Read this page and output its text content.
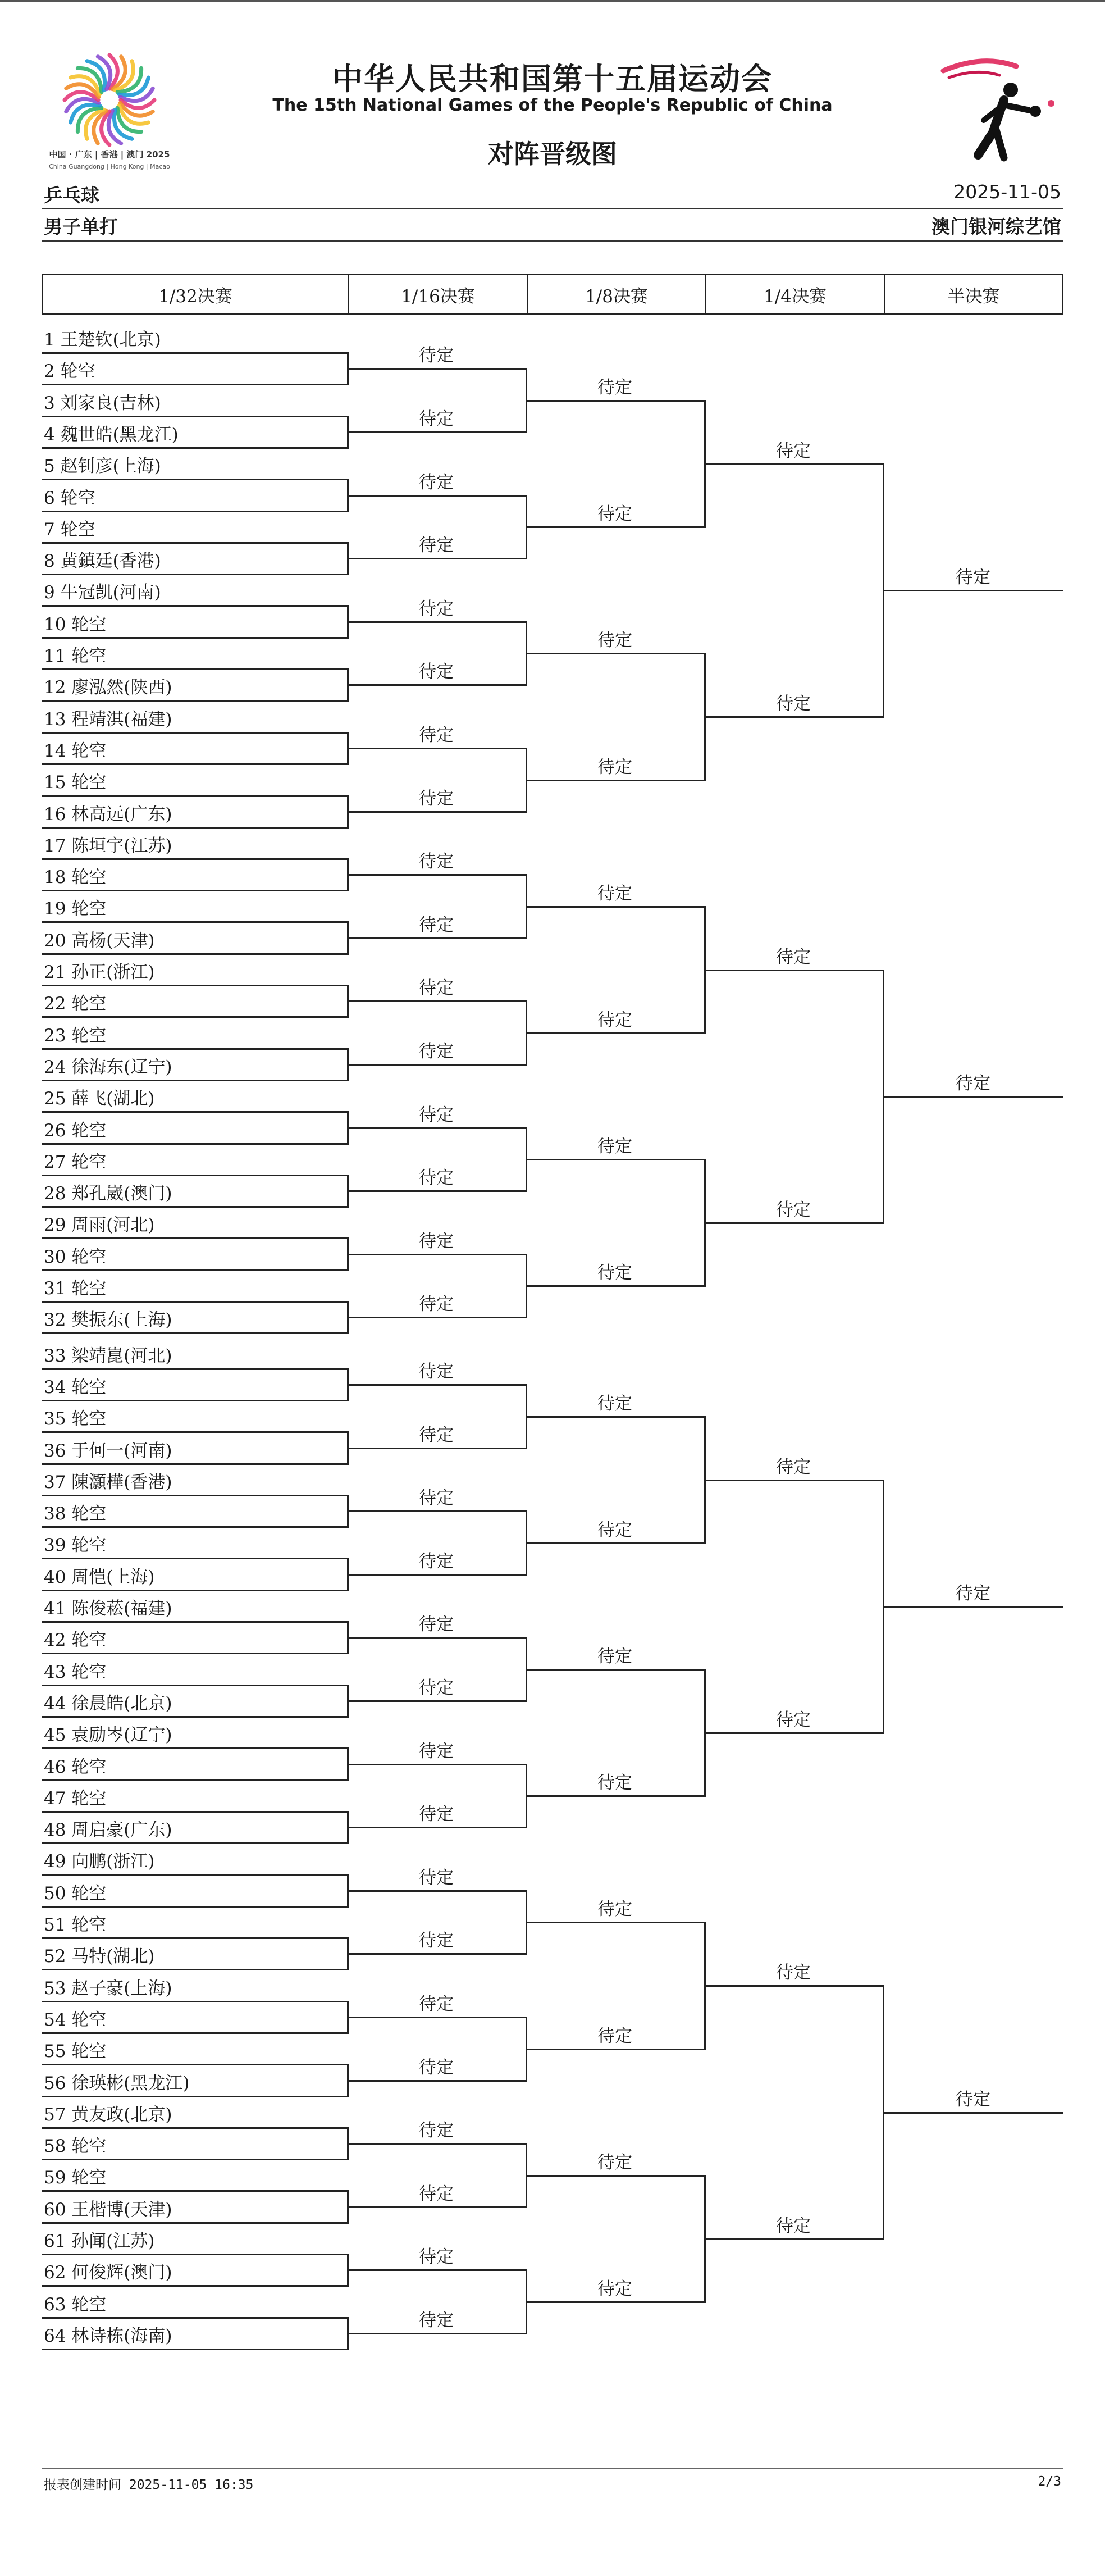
中国 · 广东 | 香港 | 澳门 2025
China Guangdong | Hong Kong | Macao
中华人民共和国第十五届运动会
The 15th National Games of the People's Republic of China
对阵晋级图
乒乓球	2025-11-05
男子单打	澳门银河综艺馆
1/32决赛	1/16决赛	1/8决赛	1/4决赛	半决赛
1 王楚钦(北京)
2 轮空
3 刘家良(吉林)
4 魏世皓(黑龙江)
5 赵钊彦(上海)
6 轮空
7 轮空
8 黄鎮廷(香港)
9 牛冠凯(河南)
10 轮空
11 轮空
12 廖泓然(陕西)
13 程靖淇(福建)
14 轮空
15 轮空
16 林高远(广东)
17 陈垣宇(江苏)
18 轮空
19 轮空
20 高杨(天津)
21 孙正(浙江)
22 轮空
23 轮空
24 徐海东(辽宁)
25 薛飞(湖北)
26 轮空
27 轮空
28 郑孔崴(澳门)
29 周雨(河北)
30 轮空
31 轮空
32 樊振东(上海)
33 梁靖崑(河北)
34 轮空
35 轮空
36 于何一(河南)
37 陳灝樺(香港)
38 轮空
39 轮空
40 周恺(上海)
41 陈俊菘(福建)
42 轮空
43 轮空
44 徐晨皓(北京)
45 袁励岑(辽宁)
46 轮空
47 轮空
48 周启豪(广东)
49 向鹏(浙江)
50 轮空
51 轮空
52 马特(湖北)
53 赵子豪(上海)
54 轮空
55 轮空
56 徐瑛彬(黑龙江)
57 黄友政(北京)
58 轮空
59 轮空
60 王楷博(天津)
61 孙闻(江苏)
62 何俊辉(澳门)
63 轮空
64 林诗栋(海南)
待定
待定
待定
待定
待定
待定
待定
待定
待定
待定
待定
待定
待定
待定
待定
待定
待定
待定
待定
待定
待定
待定
待定
待定
待定
待定
待定
待定
待定
待定
待定
待定
待定
待定
待定
待定
待定
待定
待定
待定
待定
待定
待定
待定
待定
待定
待定
待定
待定
待定
待定
待定
待定
待定
待定
待定
待定
待定
待定
待定
报表创建时间 2025-11-05 16:35	2/3
